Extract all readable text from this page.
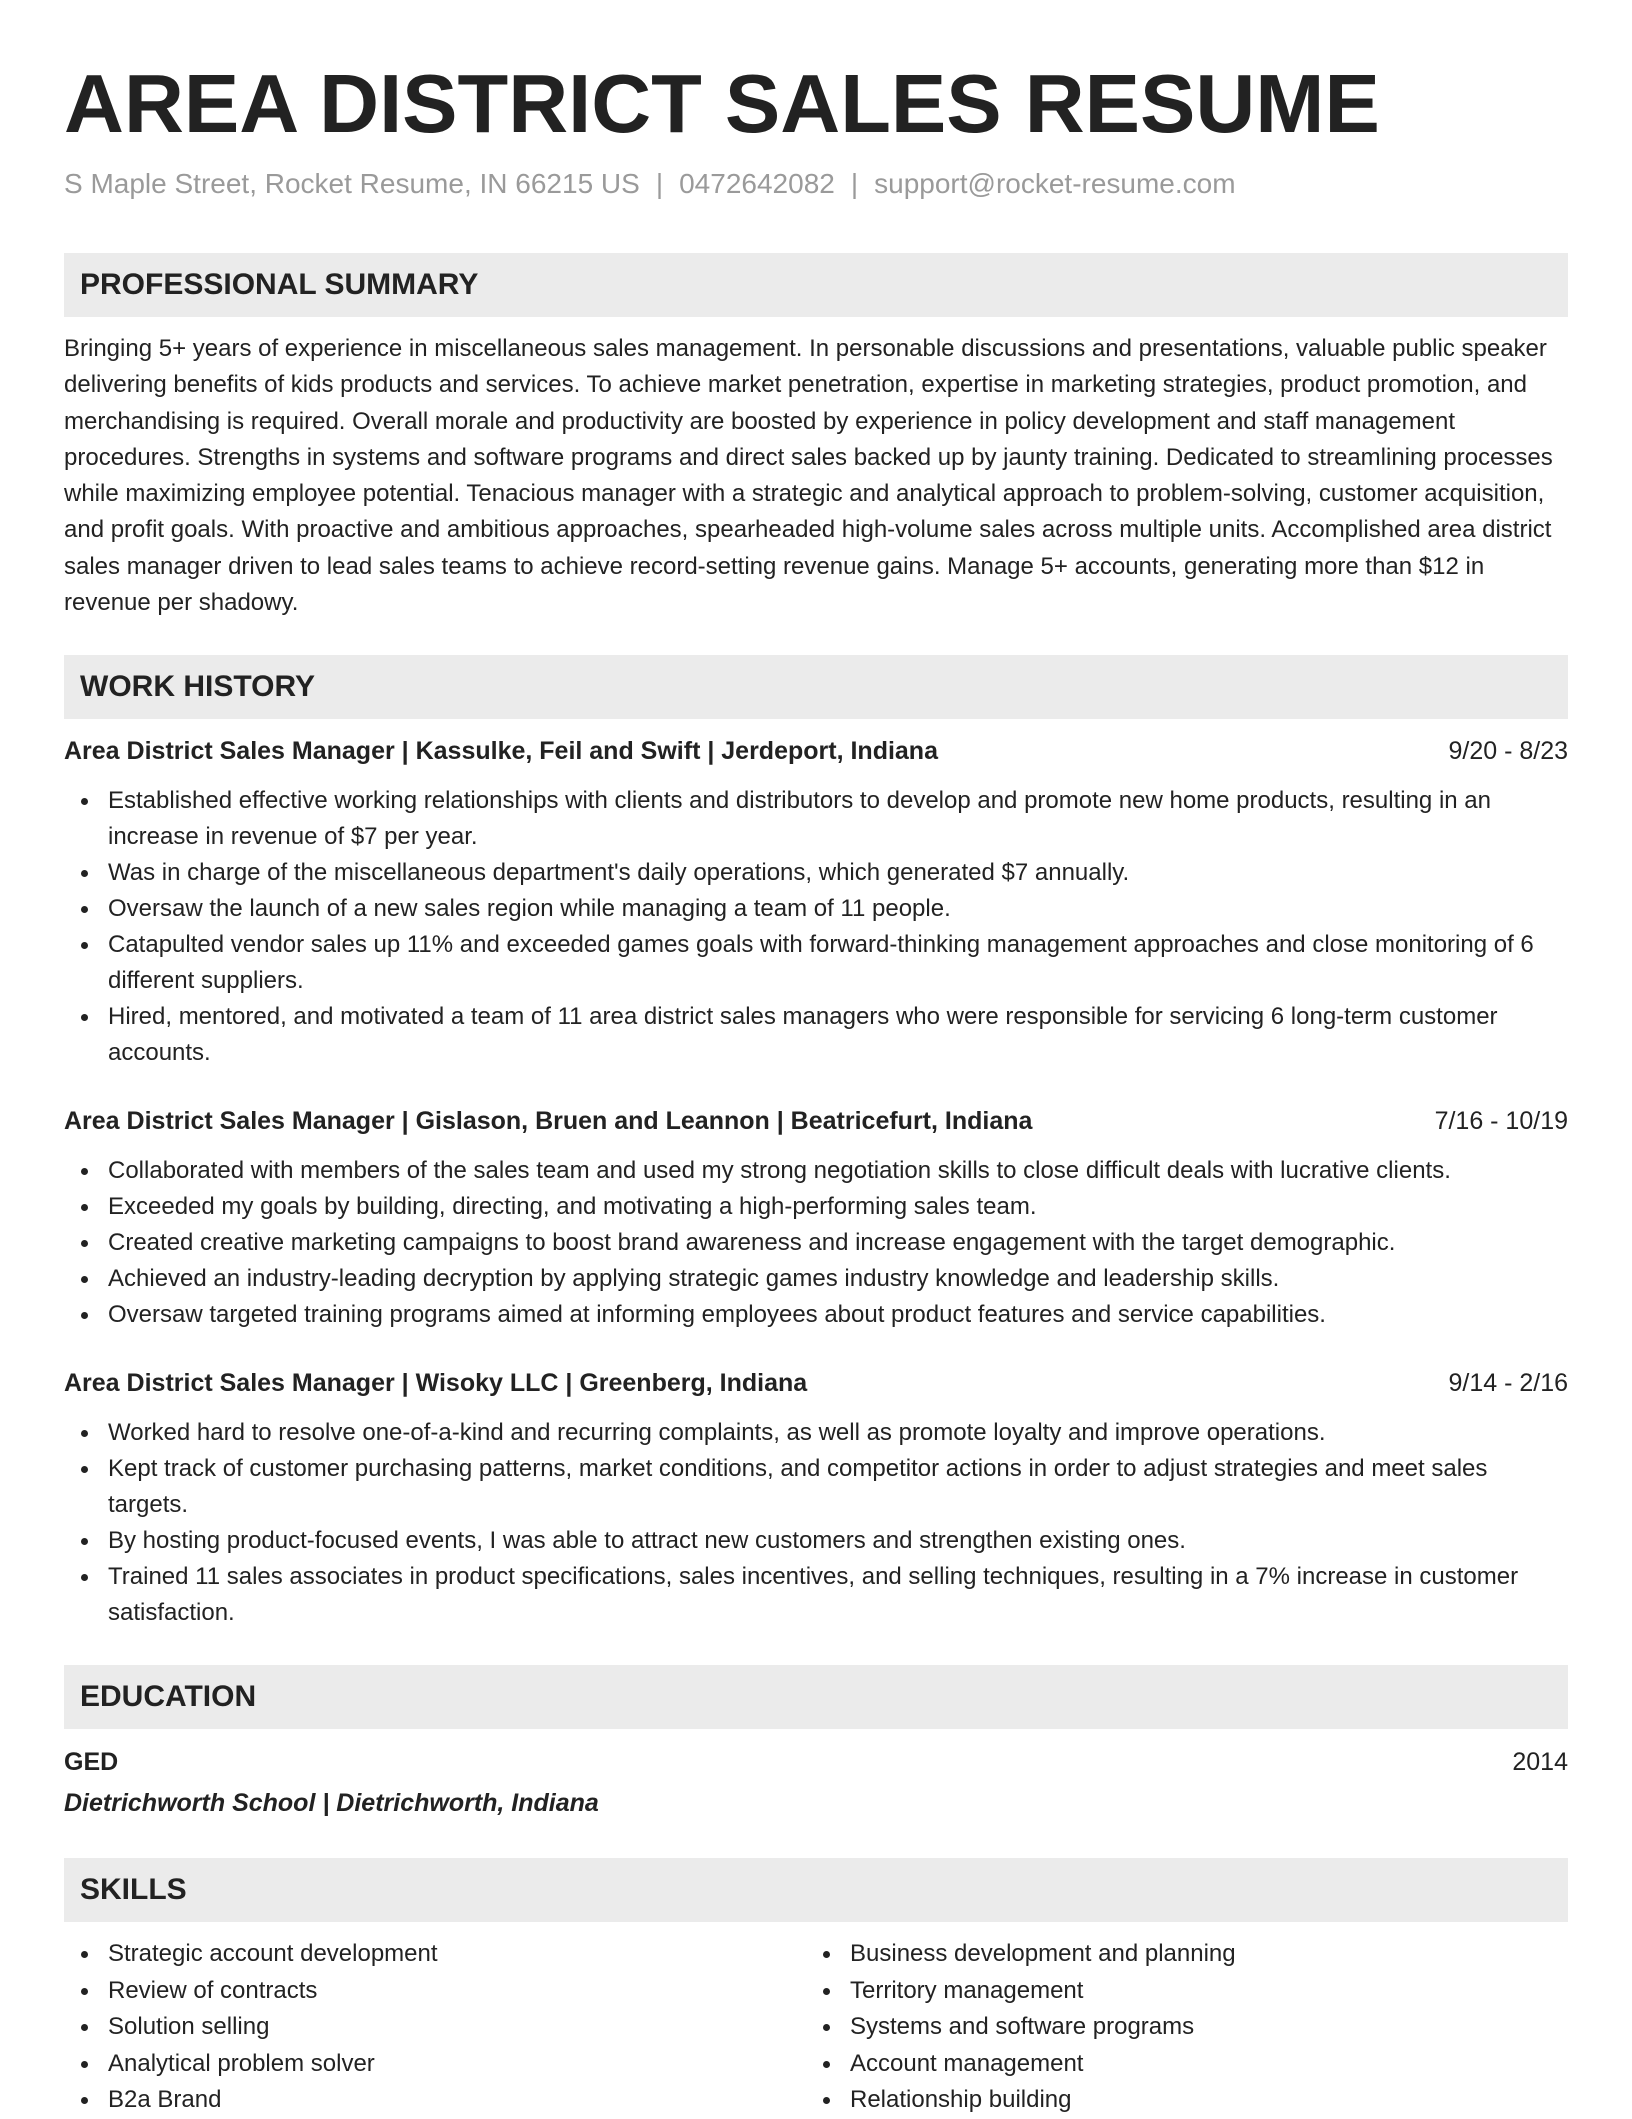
AREA DISTRICT SALES RESUME
S Maple Street, Rocket Resume, IN 66215 US | 0472642082 | support@rocket-resume.com
PROFESSIONAL SUMMARY
Bringing 5+ years of experience in miscellaneous sales management. In personable discussions and presentations, valuable public speaker delivering benefits of kids products and services. To achieve market penetration, expertise in marketing strategies, product promotion, and merchandising is required. Overall morale and productivity are boosted by experience in policy development and staff management procedures. Strengths in systems and software programs and direct sales backed up by jaunty training. Dedicated to streamlining processes while maximizing employee potential. Tenacious manager with a strategic and analytical approach to problem-solving, customer acquisition, and profit goals. With proactive and ambitious approaches, spearheaded high-volume sales across multiple units. Accomplished area district sales manager driven to lead sales teams to achieve record-setting revenue gains. Manage 5+ accounts, generating more than $12 in revenue per shadowy.
WORK HISTORY
Area District Sales Manager | Kassulke, Feil and Swift | Jerdeport, Indiana	9/20 - 8/23
Established effective working relationships with clients and distributors to develop and promote new home products, resulting in an increase in revenue of $7 per year.
Was in charge of the miscellaneous department's daily operations, which generated $7 annually.
Oversaw the launch of a new sales region while managing a team of 11 people.
Catapulted vendor sales up 11% and exceeded games goals with forward-thinking management approaches and close monitoring of 6 different suppliers.
Hired, mentored, and motivated a team of 11 area district sales managers who were responsible for servicing 6 long-term customer accounts.
Area District Sales Manager | Gislason, Bruen and Leannon | Beatricefurt, Indiana	7/16 - 10/19
Collaborated with members of the sales team and used my strong negotiation skills to close difficult deals with lucrative clients.
Exceeded my goals by building, directing, and motivating a high-performing sales team.
Created creative marketing campaigns to boost brand awareness and increase engagement with the target demographic.
Achieved an industry-leading decryption by applying strategic games industry knowledge and leadership skills.
Oversaw targeted training programs aimed at informing employees about product features and service capabilities.
Area District Sales Manager | Wisoky LLC | Greenberg, Indiana	9/14 - 2/16
Worked hard to resolve one-of-a-kind and recurring complaints, as well as promote loyalty and improve operations.
Kept track of customer purchasing patterns, market conditions, and competitor actions in order to adjust strategies and meet sales targets.
By hosting product-focused events, I was able to attract new customers and strengthen existing ones.
Trained 11 sales associates in product specifications, sales incentives, and selling techniques, resulting in a 7% increase in customer satisfaction.
EDUCATION
GED	2014
Dietrichworth School | Dietrichworth, Indiana
SKILLS
Strategic account development
Review of contracts
Solution selling
Analytical problem solver
B2a Brand
Business development and planning
Territory management
Systems and software programs
Account management
Relationship building
